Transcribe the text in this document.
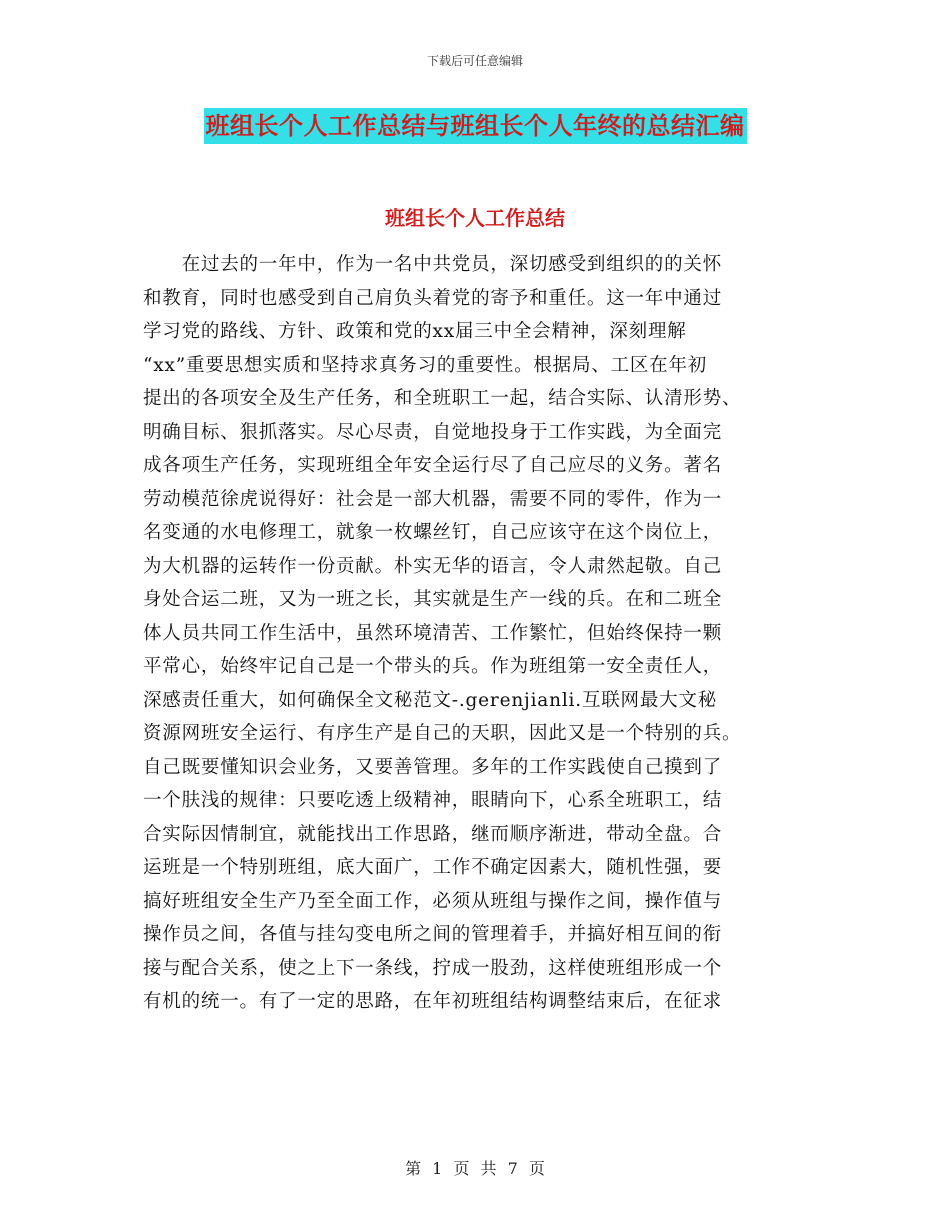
下载后可任意编辑
班组长个人工作总结与班组长个人年终的总结汇编
班组长个人工作总结
　　在过去的一年中，作为一名中共党员，深切感受到组织的的关怀
和教育，同时也感受到自己肩负头着党的寄予和重任。这一年中通过
学习党的路线、方针、政策和党的xx届三中全会精神，深刻理解
“xx”重要思想实质和坚持求真务习的重要性。根据局、工区在年初
提出的各项安全及生产任务，和全班职工一起，结合实际、认清形势、
明确目标、狠抓落实。尽心尽责，自觉地投身于工作实践，为全面完
成各项生产任务，实现班组全年安全运行尽了自己应尽的义务。著名
劳动模范徐虎说得好：社会是一部大机器，需要不同的零件，作为一
名变通的水电修理工，就象一枚螺丝钉，自己应该守在这个岗位上，
为大机器的运转作一份贡献。朴实无华的语言，令人肃然起敬。自己
身处合运二班，又为一班之长，其实就是生产一线的兵。在和二班全
体人员共同工作生活中，虽然环境清苦、工作繁忙，但始终保持一颗
平常心，始终牢记自己是一个带头的兵。作为班组第一安全责任人，
深感责任重大，如何确保全文秘范文-.gerenjianli.互联网最大文秘
资源网班安全运行、有序生产是自己的天职，因此又是一个特别的兵。
自己既要懂知识会业务，又要善管理。多年的工作实践使自己摸到了
一个肤浅的规律：只要吃透上级精神，眼睛向下，心系全班职工，结
合实际因情制宜，就能找出工作思路，继而顺序渐进，带动全盘。合
运班是一个特别班组，底大面广，工作不确定因素大，随机性强，要
搞好班组安全生产乃至全面工作，必须从班组与操作之间，操作值与
操作员之间，各值与挂勾变电所之间的管理着手，并搞好相互间的衔
接与配合关系，使之上下一条线，拧成一股劲，这样使班组形成一个
有机的统一。有了一定的思路，在年初班组结构调整结束后，在征求
第 1 页 共 7 页
